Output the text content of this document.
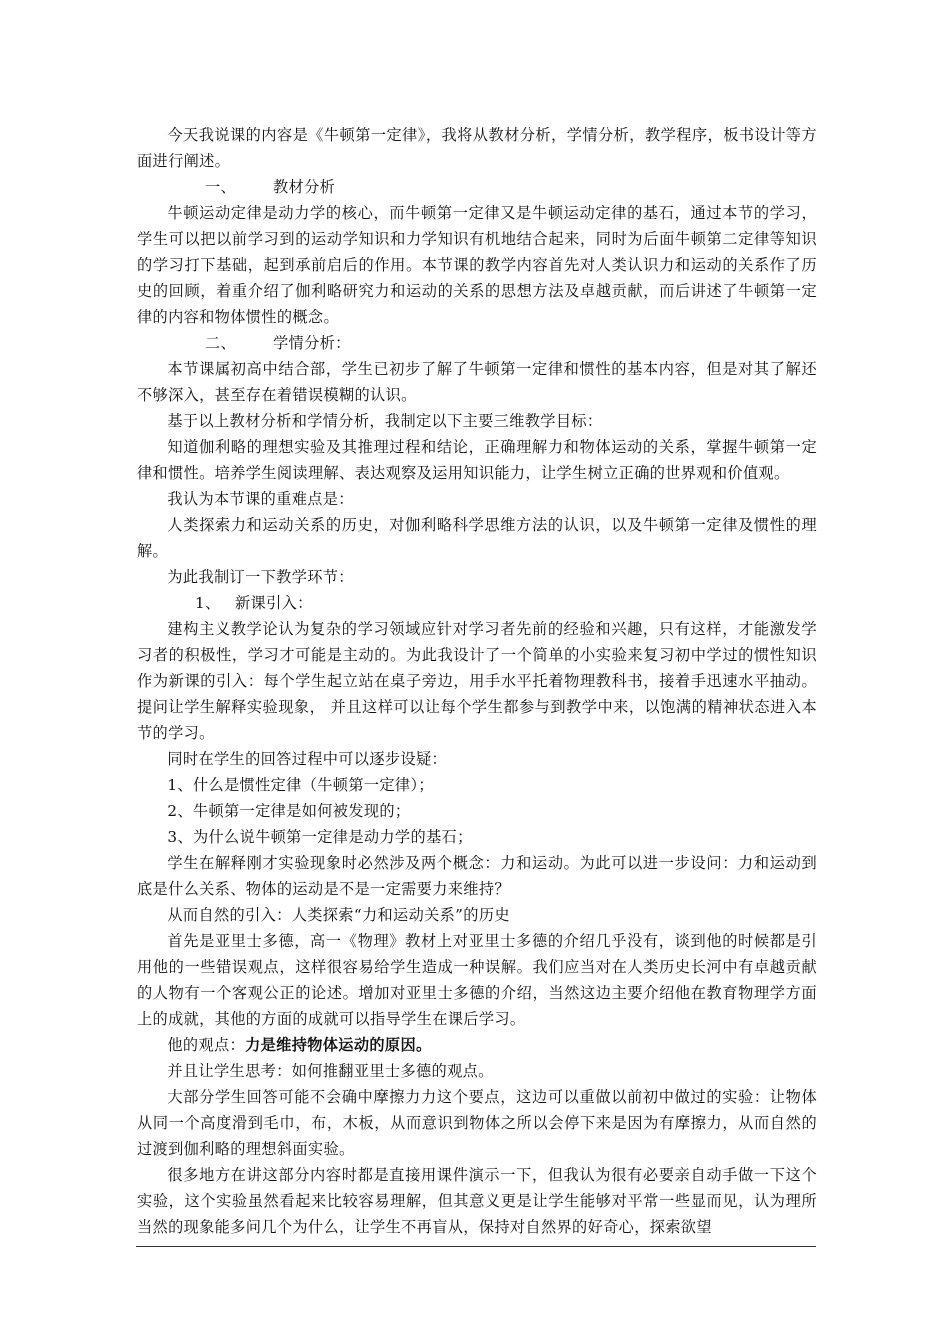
今天我说课的内容是《牛顿第一定律》，我将从教材分析，学情分析，教学程序，板书设计等方面进行阐述。

一、 教材分析

牛顿运动定律是动力学的核心，而牛顿第一定律又是牛顿运动定律的基石，通过本节的学习，学生可以把以前学习到的运动学知识和力学知识有机地结合起来，同时为后面牛顿第二定律等知识的学习打下基础，起到承前启后的作用。本节课的教学内容首先对人类认识力和运动的关系作了历史的回顾，着重介绍了伽利略研究力和运动的关系的思想方法及卓越贡献，而后讲述了牛顿第一定律的内容和物体惯性的概念。

二、 学情分析：

本节课属初高中结合部，学生已初步了解了牛顿第一定律和惯性的基本内容，但是对其了解还不够深入，甚至存在着错误模糊的认识。

基于以上教材分析和学情分析，我制定以下主要三维教学目标：

知道伽利略的理想实验及其推理过程和结论，正确理解力和物体运动的关系，掌握牛顿第一定律和惯性。培养学生阅读理解、表达观察及运用知识能力，让学生树立正确的世界观和价值观。

我认为本节课的重难点是：

人类探索力和运动关系的历史，对伽利略科学思维方法的认识，以及牛顿第一定律及惯性的理解。

为此我制订一下教学环节：

1、 新课引入：

建构主义教学论认为复杂的学习领域应针对学习者先前的经验和兴趣，只有这样，才能激发学习者的积极性，学习才可能是主动的。为此我设计了一个简单的小实验来复习初中学过的惯性知识作为新课的引入：每个学生起立站在桌子旁边，用手水平托着物理教科书，接着手迅速水平抽动。提问让学生解释实验现象， 并且这样可以让每个学生都参与到教学中来，以饱满的精神状态进入本节的学习。

同时在学生的回答过程中可以逐步设疑：

1、什么是惯性定律（牛顿第一定律）；

2、牛顿第一定律是如何被发现的；

3、为什么说牛顿第一定律是动力学的基石；

学生在解释刚才实验现象时必然涉及两个概念：力和运动。为此可以进一步设问：力和运动到底是什么关系、物体的运动是不是一定需要力来维持？

从而自然的引入：人类探索“力和运动关系”的历史

首先是亚里士多德，高一《物理》教材上对亚里士多德的介绍几乎没有，谈到他的时候都是引用他的一些错误观点，这样很容易给学生造成一种误解。我们应当对在人类历史长河中有卓越贡献的人物有一个客观公正的论述。增加对亚里士多德的介绍，当然这边主要介绍他在教育物理学方面上的成就，其他的方面的成就可以指导学生在课后学习。

他的观点：力是维持物体运动的原因。

并且让学生思考：如何推翻亚里士多德的观点。

大部分学生回答可能不会确中摩擦力力这个要点，这边可以重做以前初中做过的实验：让物体从同一个高度滑到毛巾，布，木板，从而意识到物体之所以会停下来是因为有摩擦力，从而自然的过渡到伽利略的理想斜面实验。

很多地方在讲这部分内容时都是直接用课件演示一下，但我认为很有必要亲自动手做一下这个实验，这个实验虽然看起来比较容易理解，但其意义更是让学生能够对平常一些显而见，认为理所当然的现象能多问几个为什么，让学生不再盲从，保持对自然界的好奇心，探索欲望
